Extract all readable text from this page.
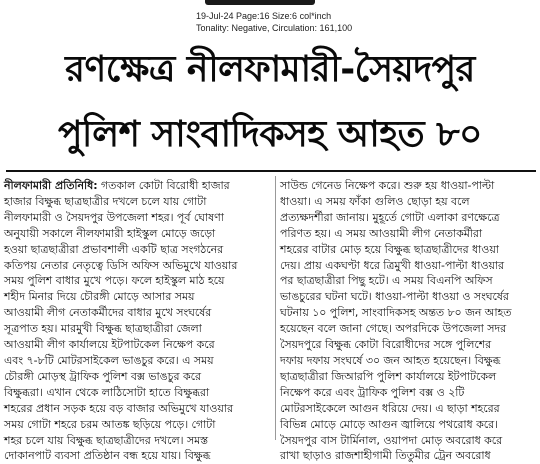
19-Jul-24 Page:16 Size:6 col*inch
Tonality: Negative, Circulation: 161,100
রণক্ষেত্র নীলফামারী-সৈয়দপুর
পুলিশ সাংবাদিকসহ আহত ৮০
নীলফামারী প্রতিনিধি: গতকাল কোটা বিরোধী হাজার
হাজার বিক্ষুব্ধ ছাত্রছাত্রীর দখলে চলে যায় গোটা
নীলফামারী ও সৈয়দপুর উপজেলা শহর। পূর্ব ঘোষণা
অনুযায়ী সকালে নীলফামারী হাইস্কুল মোড়ে জড়ো
হওয়া ছাত্রছাত্রীরা প্রভাবশালী একটি ছাত্র সংগঠনের
কতিপয় নেতার নেতৃত্বে ডিসি অফিস অভিমুখে যাওয়ার
সময় পুলিশ বাধার মুখে পড়ে। ফলে হাইস্কুল মাঠ হয়ে
শহীদ মিনার দিয়ে চৌরঙ্গী মোড়ে আসার সময়
আওয়ামী লীগ নেতাকর্মীদের বাধার মুখে সংঘর্ষের
সূত্রপাত হয়। মারমুখী বিক্ষুব্ধ ছাত্রছাত্রীরা জেলা
আওয়ামী লীগ কার্যালয়ে ইটপাটকেল নিক্ষেপ করে
এবং ৭-৮টি মোটরসাইকেল ভাঙচুর করে। এ সময়
চৌরঙ্গী মোড়স্থ ট্রাফিক পুলিশ বক্স ভাঙচুর করে
বিক্ষুব্ধরা। এখান থেকে লাঠিসোটা হাতে বিক্ষুব্ধরা
শহরের প্রধান সড়ক হয়ে বড় বাজার অভিমুখে যাওয়ার
সময় গোটা শহরে চরম আতঙ্ক ছড়িয়ে পড়ে। গোটা
শহর চলে যায় বিক্ষুব্ধ ছাত্রছাত্রীদের দখলে। সমস্ত
দোকানপাট ব্যবসা প্রতিষ্ঠান বন্ধ হয়ে যায়। বিক্ষুব্ধ
সাউন্ড গেনেড নিক্ষেপ করে। শুরু হয় ধাওয়া-পাল্টা
ধাওয়া। এ সময় ফাঁকা গুলিও ছোড়া হয় বলে
প্রত্যক্ষদর্শীরা জানায়। মুহূর্তে গোটা এলাকা রণক্ষেত্রে
পরিণত হয়। এ সময় আওয়ামী লীগ নেতাকর্মীরা
শহরের বাটার মোড় হয়ে বিক্ষুব্ধ ছাত্রছাত্রীদের ধাওয়া
দেয়। প্রায় একঘণ্টা ধরে ত্রিমুখী ধাওয়া-পাল্টা ধাওয়ার
পর ছাত্রছাত্রীরা পিছু হটে। এ সময় বিএনপি অফিস
ভাঙচুরের ঘটনা ঘটে। ধাওয়া-পাল্টা ধাওয়া ও সংঘর্ষের
ঘটনায় ১০ পুলিশ, সাংবাদিকসহ অন্তত ৮০ জন আহত
হয়েছেন বলে জানা গেছে। অপরদিকে উপজেলা সদর
সৈয়দপুরে বিক্ষুব্ধ কোটা বিরোধীদের সঙ্গে পুলিশের
দফায় দফায় সংঘর্ষে ৩০ জন আহত হয়েছেন। বিক্ষুব্ধ
ছাত্রছাত্রীরা জিআরপি পুলিশ কার্যালয়ে ইটপাটকেল
নিক্ষেপ করে এবং ট্রাফিক পুলিশ বক্স ও ২টি
মোটরসাইকেলে আগুন ধরিয়ে দেয়। এ ছাড়া শহরের
বিভিন্ন মোড়ে মোড়ে আগুন জ্বালিয়ে পথরোধ করে।
সৈয়দপুর বাস টার্মিনাল, ওয়াপদা মোড় অবরোধ করে
রাখা ছাড়াও রাজশাহীগামী তিতুমীর ট্রেন অবরোধ
